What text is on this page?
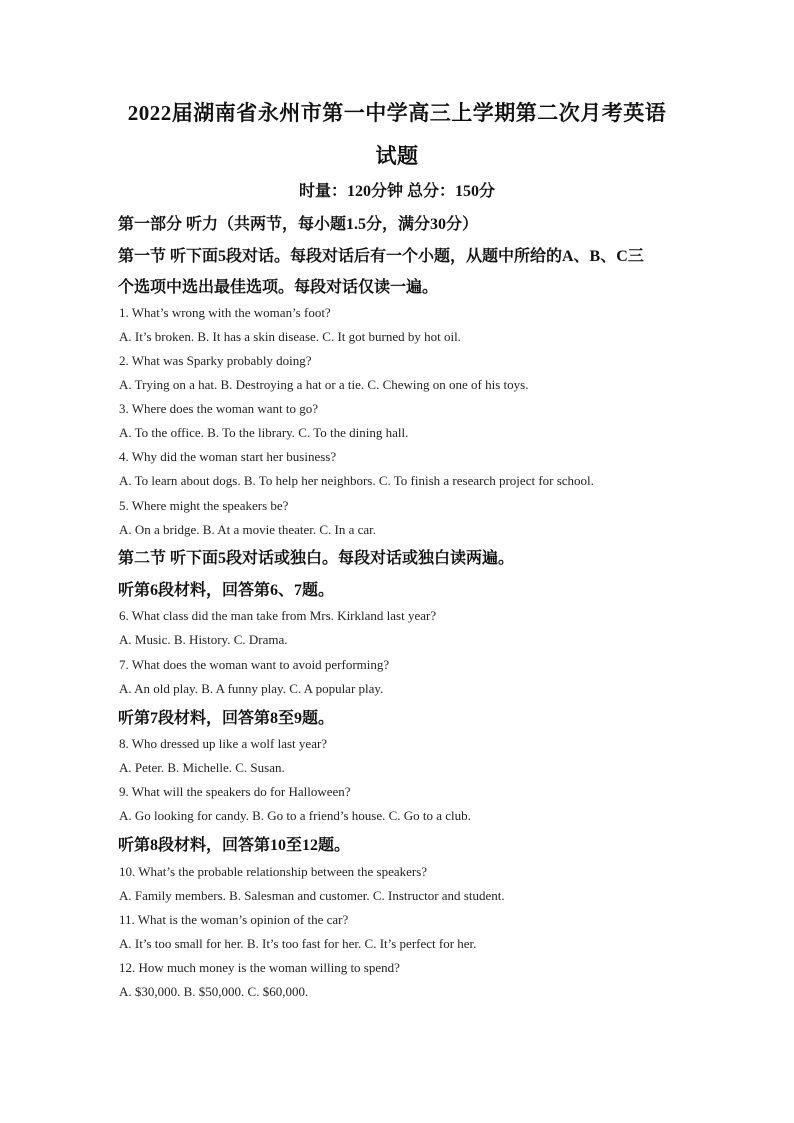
2022届湖南省永州市第一中学高三上学期第二次月考英语
试题
时量：120分钟 总分：150分
第一部分 听力（共两节，每小题1.5分，满分30分）
第一节 听下面5段对话。每段对话后有一个小题，从题中所给的A、B、C三
个选项中选出最佳选项。每段对话仅读一遍。
1. What’s wrong with the woman’s foot?
A. It’s broken. B. It has a skin disease. C. It got burned by hot oil.
2. What was Sparky probably doing?
A. Trying on a hat. B. Destroying a hat or a tie. C. Chewing on one of his toys.
3. Where does the woman want to go?
A. To the office. B. To the library. C. To the dining hall.
4. Why did the woman start her business?
A. To learn about dogs. B. To help her neighbors. C. To finish a research project for school.
5. Where might the speakers be?
A. On a bridge. B. At a movie theater. C. In a car.
第二节 听下面5段对话或独白。每段对话或独白读两遍。
听第6段材料，回答第6、7题。
6. What class did the man take from Mrs. Kirkland last year?
A. Music. B. History. C. Drama.
7. What does the woman want to avoid performing?
A. An old play. B. A funny play. C. A popular play.
听第7段材料，回答第8至9题。
8. Who dressed up like a wolf last year?
A. Peter. B. Michelle. C. Susan.
9. What will the speakers do for Halloween?
A. Go looking for candy. B. Go to a friend’s house. C. Go to a club.
听第8段材料，回答第10至12题。
10. What’s the probable relationship between the speakers?
A. Family members. B. Salesman and customer. C. Instructor and student.
11. What is the woman’s opinion of the car?
A. It’s too small for her. B. It’s too fast for her. C. It’s perfect for her.
12. How much money is the woman willing to spend?
A. $30,000. B. $50,000. C. $60,000.
